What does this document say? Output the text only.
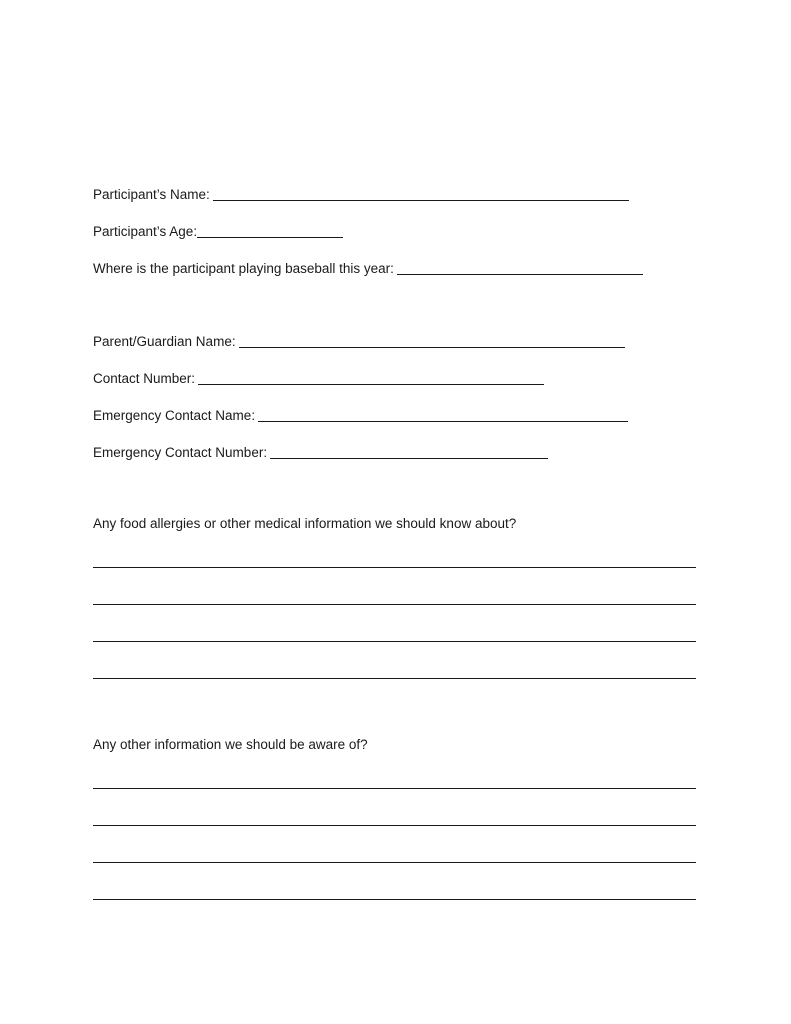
Participant’s Name:
Participant’s Age:
Where is the participant playing baseball this year:
Parent/Guardian Name:
Contact Number:
Emergency Contact Name:
Emergency Contact Number:
Any food allergies or other medical information we should know about?
Any other information we should be aware of?
